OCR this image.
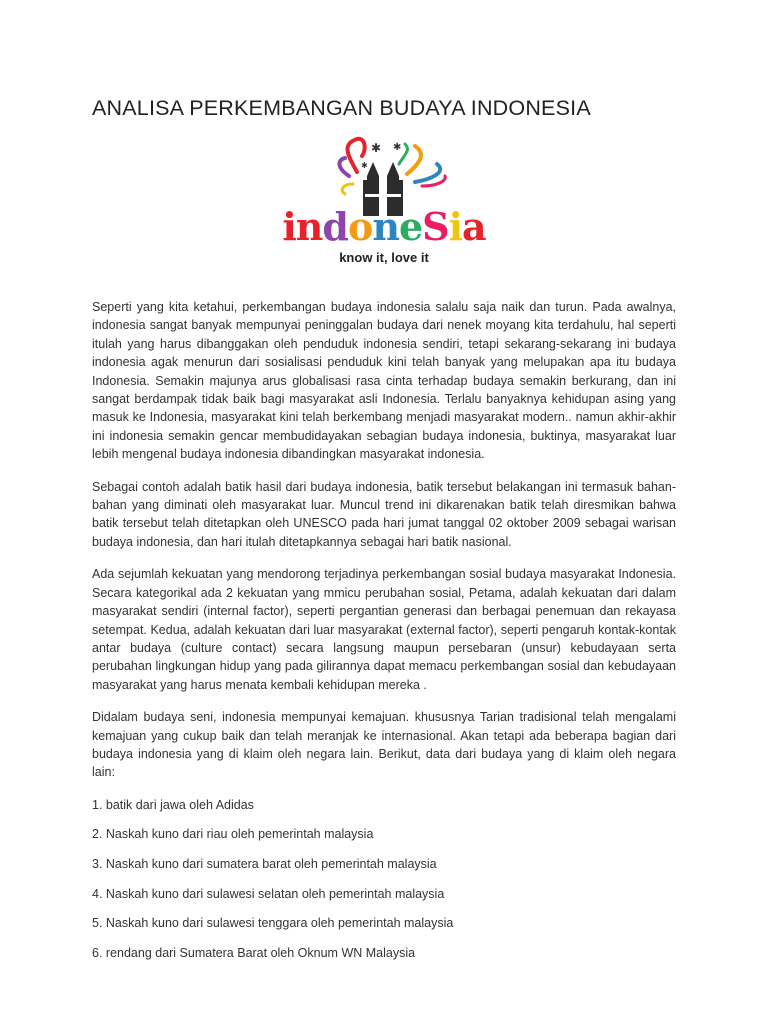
ANALISA PERKEMBANGAN BUDAYA INDONESIA
✱ ✱
✱
indoneSia
know it, love it

Seperti yang kita ketahui, perkembangan budaya indonesia salalu saja naik dan turun. Pada awalnya, indonesia sangat banyak mempunyai peninggalan budaya dari nenek moyang kita terdahulu, hal seperti itulah yang harus dibanggakan oleh penduduk indonesia sendiri, tetapi sekarang-sekarang ini budaya indonesia agak menurun dari sosialisasi penduduk kini telah banyak yang melupakan apa itu budaya Indonesia. Semakin majunya arus globalisasi rasa cinta terhadap budaya semakin berkurang, dan ini sangat berdampak tidak baik bagi masyarakat asli Indonesia. Terlalu banyaknya kehidupan asing yang masuk ke Indonesia, masyarakat kini telah berkembang menjadi masyarakat modern.. namun akhir-akhir ini indonesia semakin gencar membudidayakan sebagian budaya indonesia, buktinya, masyarakat luar lebih mengenal budaya indonesia dibandingkan masyarakat indonesia.

Sebagai contoh adalah batik hasil dari budaya indonesia, batik tersebut belakangan ini termasuk bahan-bahan yang diminati oleh masyarakat luar. Muncul trend ini dikarenakan batik telah diresmikan bahwa batik tersebut telah ditetapkan oleh UNESCO pada hari jumat tanggal 02 oktober 2009 sebagai warisan budaya indonesia, dan hari itulah ditetapkannya sebagai hari batik nasional.

Ada sejumlah kekuatan yang mendorong terjadinya perkembangan sosial budaya masyarakat Indonesia. Secara kategorikal ada 2 kekuatan yang mmicu perubahan sosial, Petama, adalah kekuatan dari dalam masyarakat sendiri (internal factor), seperti pergantian generasi dan berbagai penemuan dan rekayasa setempat. Kedua, adalah kekuatan dari luar masyarakat (external factor), seperti pengaruh kontak-kontak antar budaya (culture contact) secara langsung maupun persebaran (unsur) kebudayaan serta perubahan lingkungan hidup yang pada gilirannya dapat memacu perkembangan sosial dan kebudayaan masyarakat yang harus menata kembali kehidupan mereka .

Didalam budaya seni, indonesia mempunyai kemajuan. khususnya Tarian tradisional telah mengalami kemajuan yang cukup baik dan telah meranjak ke internasional. Akan tetapi ada beberapa bagian dari budaya indonesia yang di klaim oleh negara lain. Berikut, data dari budaya yang di klaim oleh negara lain:

1. batik dari jawa oleh Adidas
2. Naskah kuno dari riau oleh pemerintah malaysia
3. Naskah kuno dari sumatera barat oleh pemerintah malaysia
4. Naskah kuno dari sulawesi selatan oleh pemerintah malaysia
5. Naskah kuno dari sulawesi tenggara oleh pemerintah malaysia
6. rendang dari Sumatera Barat oleh Oknum WN Malaysia
